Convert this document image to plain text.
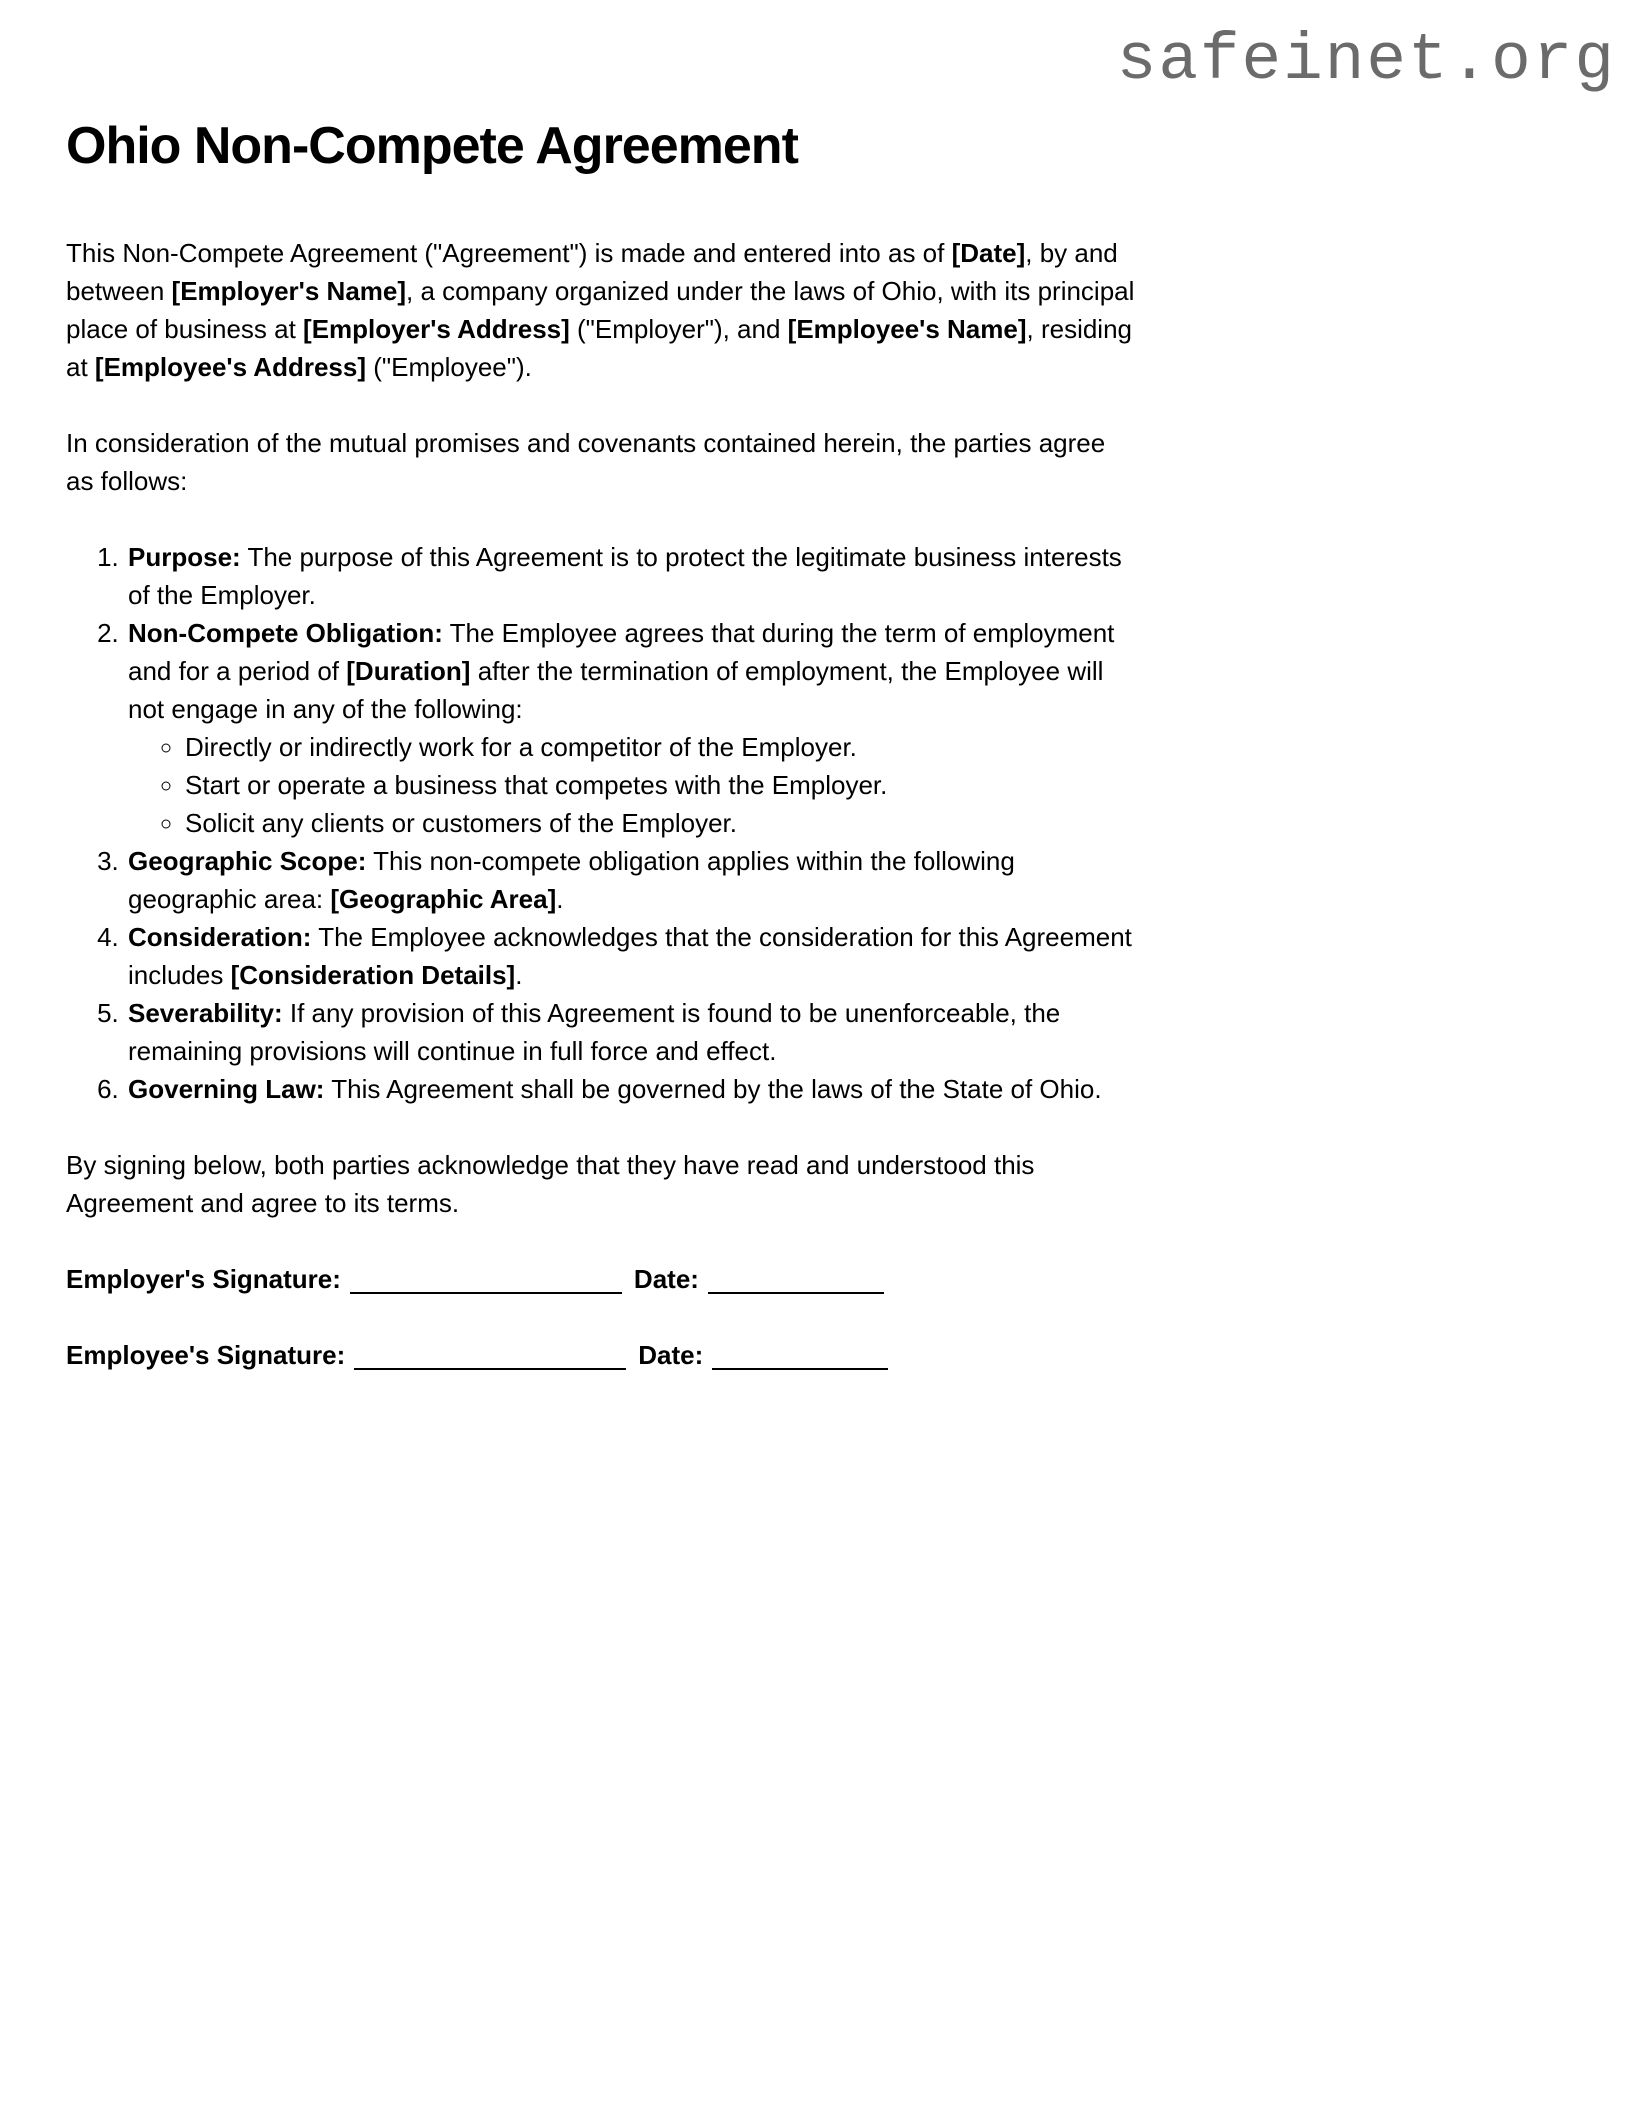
safeinet.org
Ohio Non-Compete Agreement

This Non-Compete Agreement ("Agreement") is made and entered into as of [Date], by and between [Employer's Name], a company organized under the laws of Ohio, with its principal place of business at [Employer's Address] ("Employer"), and [Employee's Name], residing at [Employee's Address] ("Employee").

In consideration of the mutual promises and covenants contained herein, the parties agree as follows:

1. Purpose: The purpose of this Agreement is to protect the legitimate business interests of the Employer.
2. Non-Compete Obligation: The Employee agrees that during the term of employment and for a period of [Duration] after the termination of employment, the Employee will not engage in any of the following:
◦ Directly or indirectly work for a competitor of the Employer.
◦ Start or operate a business that competes with the Employer.
◦ Solicit any clients or customers of the Employer.
3. Geographic Scope: This non-compete obligation applies within the following geographic area: [Geographic Area].
4. Consideration: The Employee acknowledges that the consideration for this Agreement includes [Consideration Details].
5. Severability: If any provision of this Agreement is found to be unenforceable, the remaining provisions will continue in full force and effect.
6. Governing Law: This Agreement shall be governed by the laws of the State of Ohio.

By signing below, both parties acknowledge that they have read and understood this Agreement and agree to its terms.

Employer's Signature:	Date:

Employee's Signature:	Date:
